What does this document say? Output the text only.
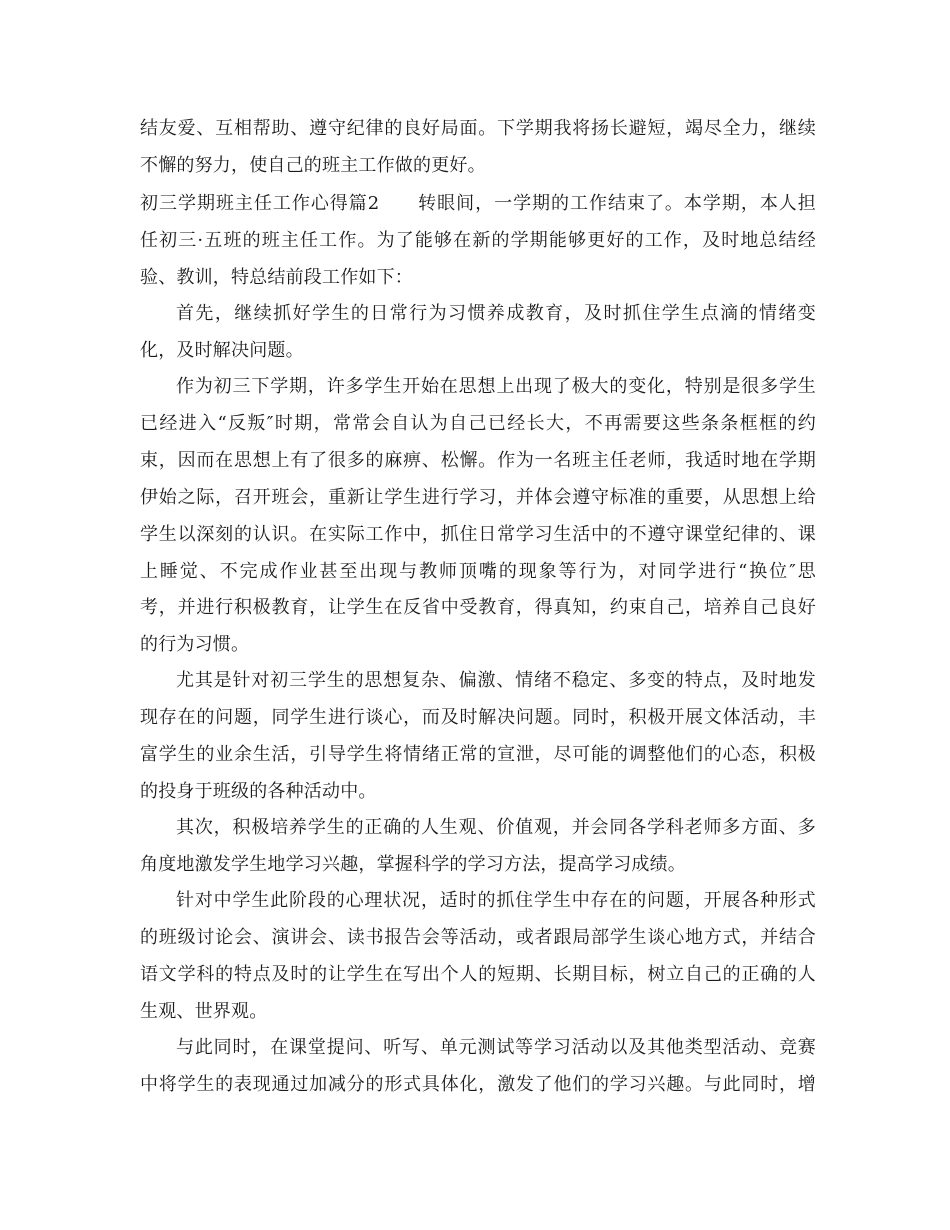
结友爱、互相帮助、遵守纪律的良好局面。下学期我将扬长避短，竭尽全力，继续
不懈的努力，使自己的班主工作做的更好。
初三学期班主任工作心得篇2　　转眼间，一学期的工作结束了。本学期，本人担
任初三·五班的班主任工作。为了能够在新的学期能够更好的工作，及时地总结经
验、教训，特总结前段工作如下：
首先，继续抓好学生的日常行为习惯养成教育，及时抓住学生点滴的情绪变
化，及时解决问题。
作为初三下学期，许多学生开始在思想上出现了极大的变化，特别是很多学生
已经进入“反叛″时期，常常会自认为自己已经长大，不再需要这些条条框框的约
束，因而在思想上有了很多的麻痹、松懈。作为一名班主任老师，我适时地在学期
伊始之际，召开班会，重新让学生进行学习，并体会遵守标准的重要，从思想上给
学生以深刻的认识。在实际工作中，抓住日常学习生活中的不遵守课堂纪律的、课
上睡觉、不完成作业甚至出现与教师顶嘴的现象等行为，对同学进行“换位″思
考，并进行积极教育，让学生在反省中受教育，得真知，约束自己，培养自己良好
的行为习惯。
尤其是针对初三学生的思想复杂、偏激、情绪不稳定、多变的特点，及时地发
现存在的问题，同学生进行谈心，而及时解决问题。同时，积极开展文体活动，丰
富学生的业余生活，引导学生将情绪正常的宣泄，尽可能的调整他们的心态，积极
的投身于班级的各种活动中。
其次，积极培养学生的正确的人生观、价值观，并会同各学科老师多方面、多
角度地激发学生地学习兴趣，掌握科学的学习方法，提高学习成绩。
针对中学生此阶段的心理状况，适时的抓住学生中存在的问题，开展各种形式
的班级讨论会、演讲会、读书报告会等活动，或者跟局部学生谈心地方式，并结合
语文学科的特点及时的让学生在写出个人的短期、长期目标，树立自己的正确的人
生观、世界观。
与此同时，在课堂提问、听写、单元测试等学习活动以及其他类型活动、竞赛
中将学生的表现通过加减分的形式具体化，激发了他们的学习兴趣。与此同时，增
